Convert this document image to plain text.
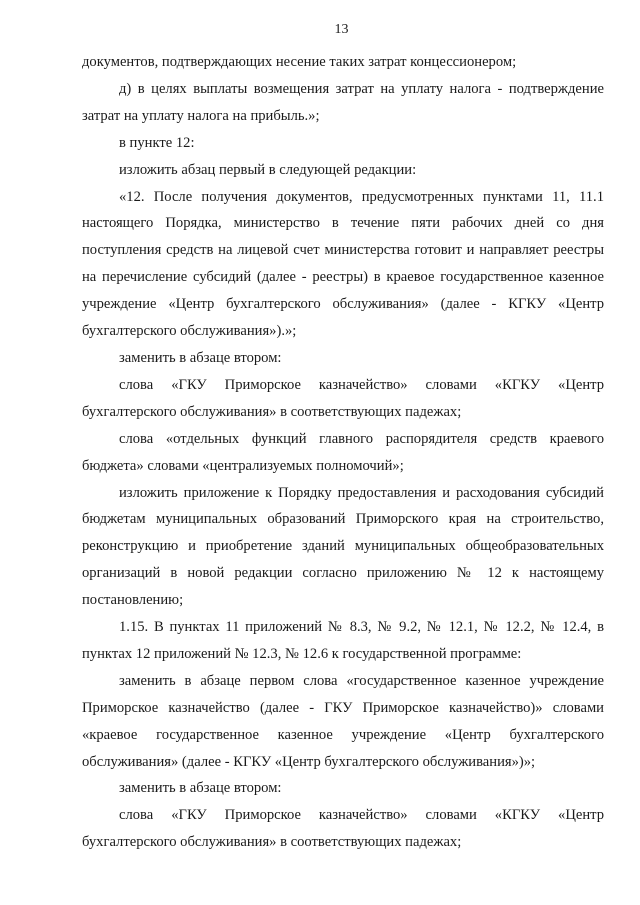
13

документов, подтверждающих несение таких затрат концессионером;

д) в целях выплаты возмещения затрат на уплату налога - подтверждение затрат на уплату налога на прибыль.»;

в пункте 12:

изложить абзац первый в следующей редакции:

«12. После получения документов, предусмотренных пунктами 11, 11.1 настоящего Порядка, министерство в течение пяти рабочих дней со дня поступления средств на лицевой счет министерства готовит и направляет реестры на перечисление субсидий (далее - реестры) в краевое государственное казенное учреждение «Центр бухгалтерского обслуживания» (далее - КГКУ «Центр бухгалтерского обслуживания»).»;

заменить в абзаце втором:

слова «ГКУ Приморское казначейство» словами «КГКУ «Центр бухгалтерского обслуживания» в соответствующих падежах;

слова «отдельных функций главного распорядителя средств краевого бюджета» словами «централизуемых полномочий»;

изложить приложение к Порядку предоставления и расходования субсидий бюджетам муниципальных образований Приморского края на строительство, реконструкцию и приобретение зданий муниципальных общеобразовательных организаций в новой редакции согласно приложению № 12 к настоящему постановлению;

1.15. В пунктах 11 приложений № 8.3, № 9.2, № 12.1, № 12.2, № 12.4, в пунктах 12 приложений № 12.3, № 12.6 к государственной программе:

заменить в абзаце первом слова «государственное казенное учреждение Приморское казначейство (далее - ГКУ Приморское казначейство)» словами «краевое государственное казенное учреждение «Центр бухгалтерского обслуживания» (далее - КГКУ «Центр бухгалтерского обслуживания»)»;

заменить в абзаце втором:

слова «ГКУ Приморское казначейство» словами «КГКУ «Центр бухгалтерского обслуживания» в соответствующих падежах;
